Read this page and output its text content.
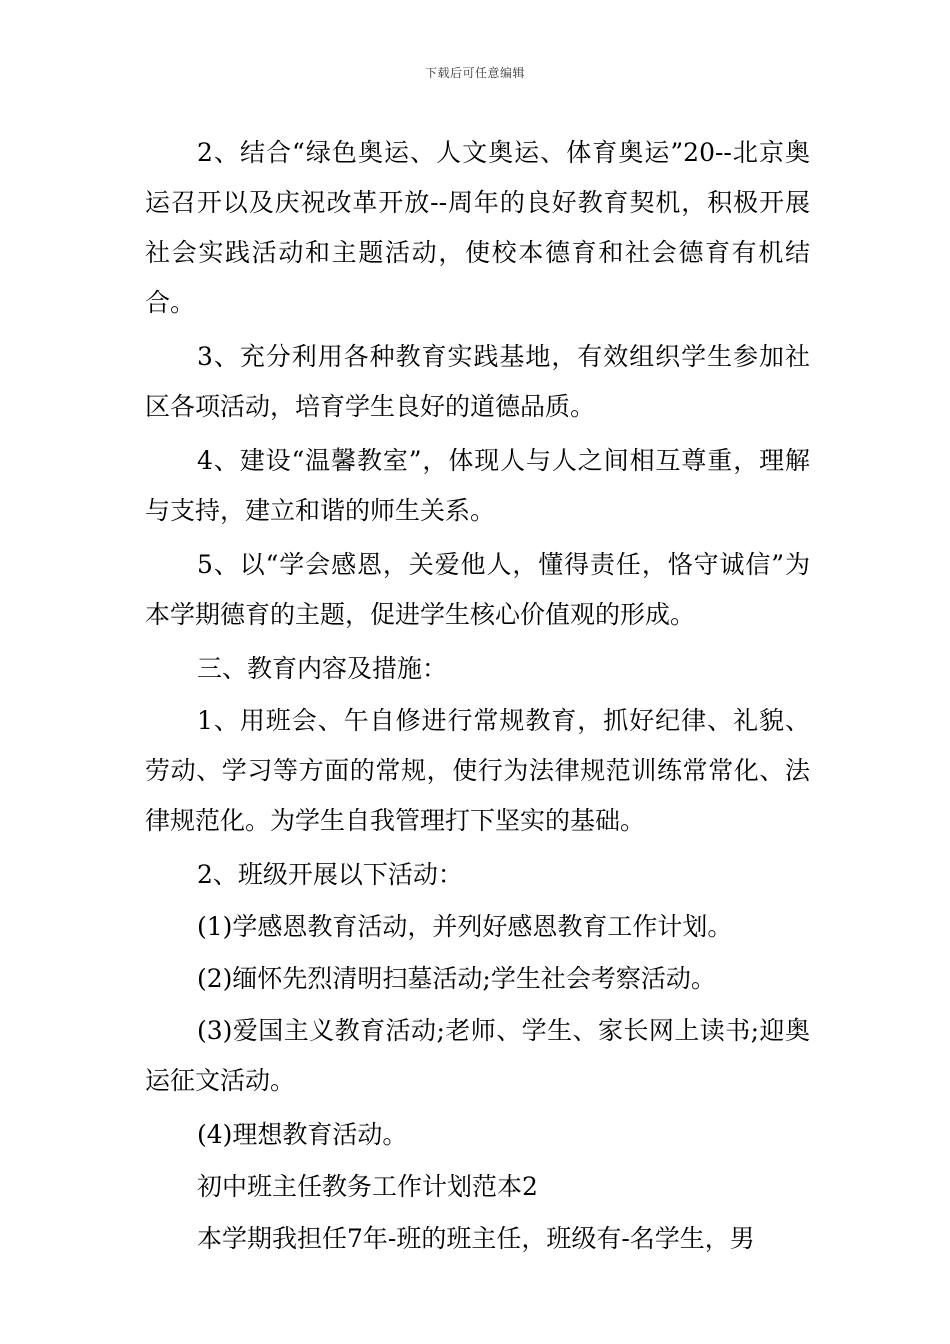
下载后可任意编辑

2、结合“绿色奥运、人文奥运、体育奥运”20--北京奥运召开以及庆祝改革开放--周年的良好教育契机，积极开展社会实践活动和主题活动，使校本德育和社会德育有机结合。

3、充分利用各种教育实践基地，有效组织学生参加社区各项活动，培育学生良好的道德品质。

4、建设“温馨教室”，体现人与人之间相互尊重，理解与支持，建立和谐的师生关系。

5、以“学会感恩，关爱他人，懂得责任，恪守诚信”为本学期德育的主题，促进学生核心价值观的形成。

三、教育内容及措施：

1、用班会、午自修进行常规教育，抓好纪律、礼貌、劳动、学习等方面的常规，使行为法律规范训练常常化、法律规范化。为学生自我管理打下坚实的基础。

2、班级开展以下活动：

(1)学感恩教育活动，并列好感恩教育工作计划。

(2)缅怀先烈清明扫墓活动;学生社会考察活动。

(3)爱国主义教育活动;老师、学生、家长网上读书;迎奥运征文活动。

(4)理想教育活动。

初中班主任教务工作计划范本2

本学期我担任7年-班的班主任，班级有-名学生，男
